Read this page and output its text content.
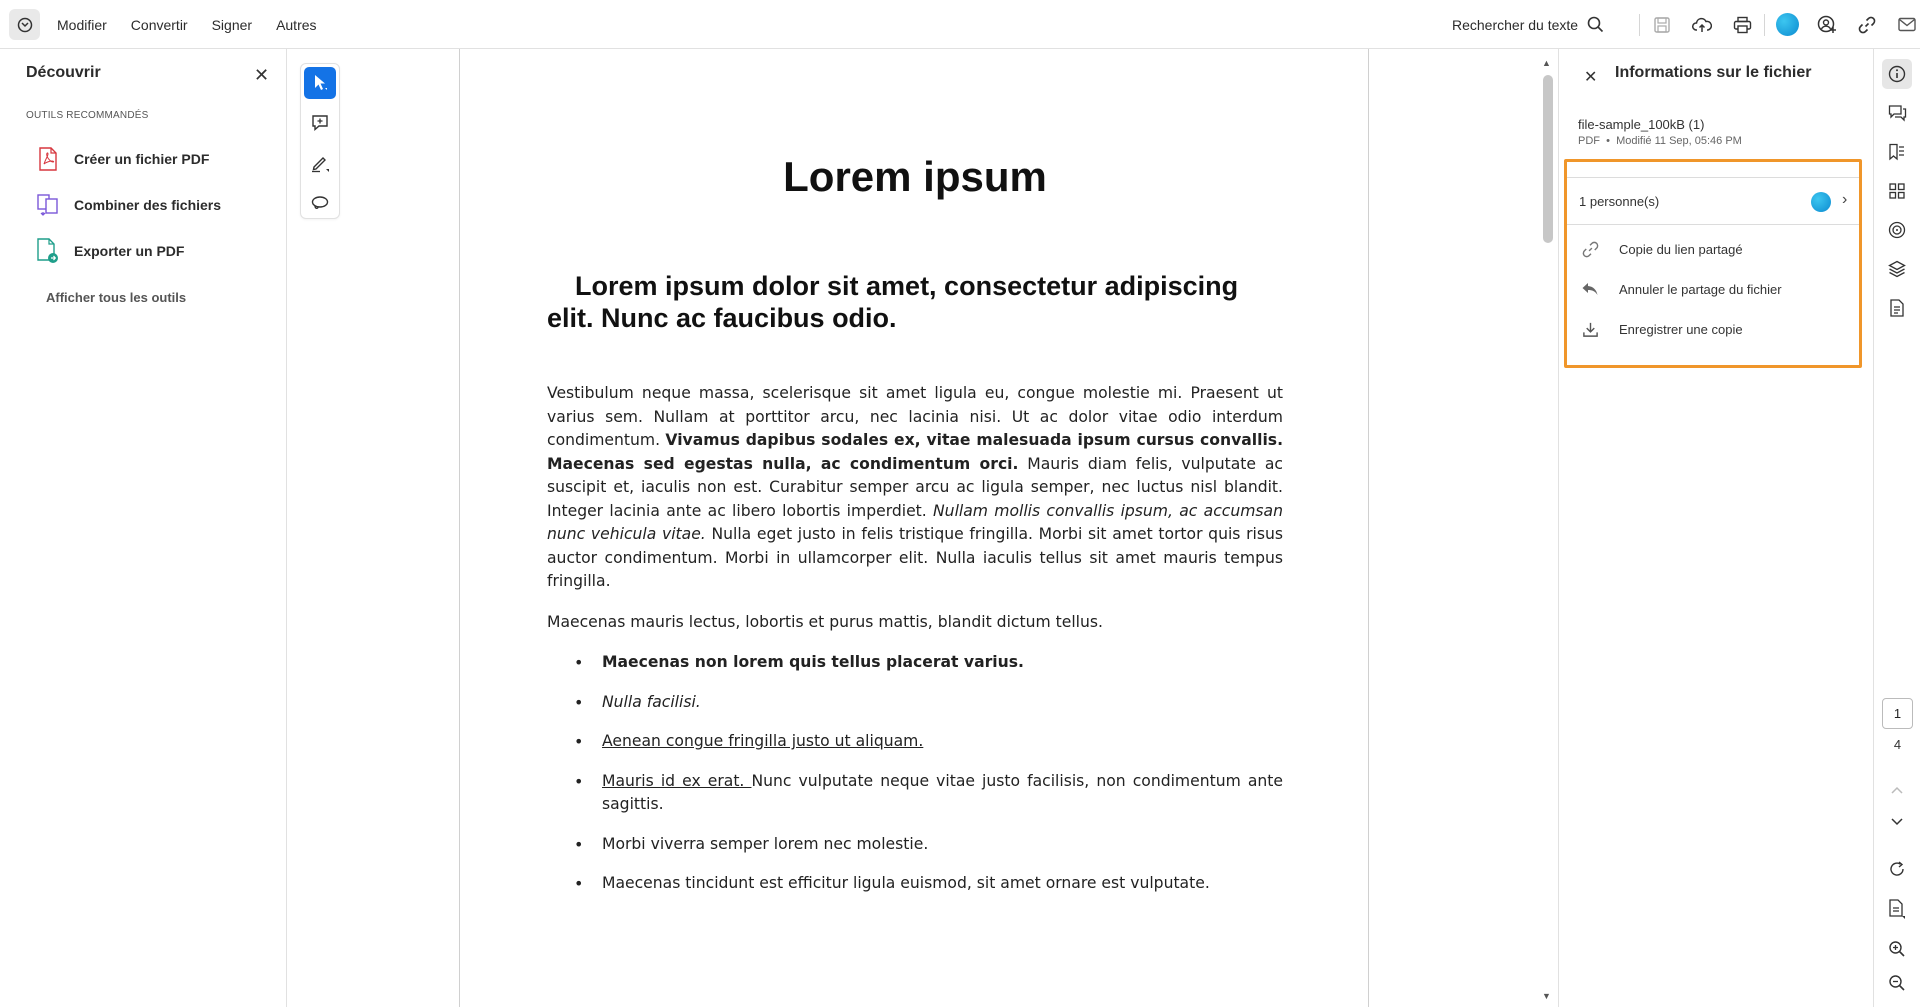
Modifier Convertir Signer Autres	Rechercher du texte
Découvrir	✕
OUTILS RECOMMANDÉS
Créer un fichier PDF
Combiner des fichiers
Exporter un PDF
Afficher tous les outils
Lorem ipsum
Lorem ipsum dolor sit amet, consectetur adipiscing elit. Nunc ac faucibus odio.

Vestibulum neque massa, scelerisque sit amet ligula eu, congue molestie mi. Praesent ut varius sem. Nullam at porttitor arcu, nec lacinia nisi. Ut ac dolor vitae odio interdum condimentum. Vivamus dapibus sodales ex, vitae malesuada ipsum cursus convallis. Maecenas sed egestas nulla, ac condimentum orci. Mauris diam felis, vulputate ac suscipit et, iaculis non est. Curabitur semper arcu ac ligula semper, nec luctus nisl blandit. Integer lacinia ante ac libero lobortis imperdiet. Nullam mollis convallis ipsum, ac accumsan nunc vehicula vitae. Nulla eget justo in felis tristique fringilla. Morbi sit amet tortor quis risus auctor condimentum. Morbi in ullamcorper elit. Nulla iaculis tellus sit amet mauris tempus fringilla.

Maecenas mauris lectus, lobortis et purus mattis, blandit dictum tellus.

• Maecenas non lorem quis tellus placerat varius.
• Nulla facilisi.
• Aenean congue fringilla justo ut aliquam.
• Mauris id ex erat. Nunc vulputate neque vitae justo facilisis, non condimentum ante sagittis.
• Morbi viverra semper lorem nec molestie.
• Maecenas tincidunt est efficitur ligula euismod, sit amet ornare est vulputate.
▲
▼
✕ Informations sur le fichier
file-sample_100kB (1)
PDF  •  Modifié 11 Sep, 05:46 PM
1 personne(s)	›
Copie du lien partagé
Annuler le partage du fichier
Enregistrer une copie
1
4
